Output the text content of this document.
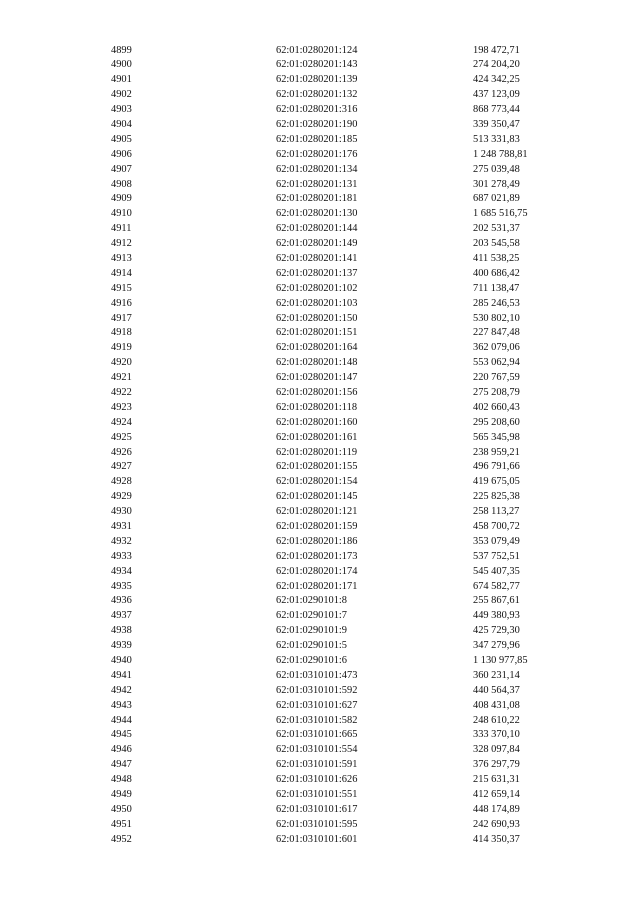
4899	62:01:0280201:124	198 472,71
4900	62:01:0280201:143	274 204,20
4901	62:01:0280201:139	424 342,25
4902	62:01:0280201:132	437 123,09
4903	62:01:0280201:316	868 773,44
4904	62:01:0280201:190	339 350,47
4905	62:01:0280201:185	513 331,83
4906	62:01:0280201:176	1 248 788,81
4907	62:01:0280201:134	275 039,48
4908	62:01:0280201:131	301 278,49
4909	62:01:0280201:181	687 021,89
4910	62:01:0280201:130	1 685 516,75
4911	62:01:0280201:144	202 531,37
4912	62:01:0280201:149	203 545,58
4913	62:01:0280201:141	411 538,25
4914	62:01:0280201:137	400 686,42
4915	62:01:0280201:102	711 138,47
4916	62:01:0280201:103	285 246,53
4917	62:01:0280201:150	530 802,10
4918	62:01:0280201:151	227 847,48
4919	62:01:0280201:164	362 079,06
4920	62:01:0280201:148	553 062,94
4921	62:01:0280201:147	220 767,59
4922	62:01:0280201:156	275 208,79
4923	62:01:0280201:118	402 660,43
4924	62:01:0280201:160	295 208,60
4925	62:01:0280201:161	565 345,98
4926	62:01:0280201:119	238 959,21
4927	62:01:0280201:155	496 791,66
4928	62:01:0280201:154	419 675,05
4929	62:01:0280201:145	225 825,38
4930	62:01:0280201:121	258 113,27
4931	62:01:0280201:159	458 700,72
4932	62:01:0280201:186	353 079,49
4933	62:01:0280201:173	537 752,51
4934	62:01:0280201:174	545 407,35
4935	62:01:0280201:171	674 582,77
4936	62:01:0290101:8	255 867,61
4937	62:01:0290101:7	449 380,93
4938	62:01:0290101:9	425 729,30
4939	62:01:0290101:5	347 279,96
4940	62:01:0290101:6	1 130 977,85
4941	62:01:0310101:473	360 231,14
4942	62:01:0310101:592	440 564,37
4943	62:01:0310101:627	408 431,08
4944	62:01:0310101:582	248 610,22
4945	62:01:0310101:665	333 370,10
4946	62:01:0310101:554	328 097,84
4947	62:01:0310101:591	376 297,79
4948	62:01:0310101:626	215 631,31
4949	62:01:0310101:551	412 659,14
4950	62:01:0310101:617	448 174,89
4951	62:01:0310101:595	242 690,93
4952	62:01:0310101:601	414 350,37
